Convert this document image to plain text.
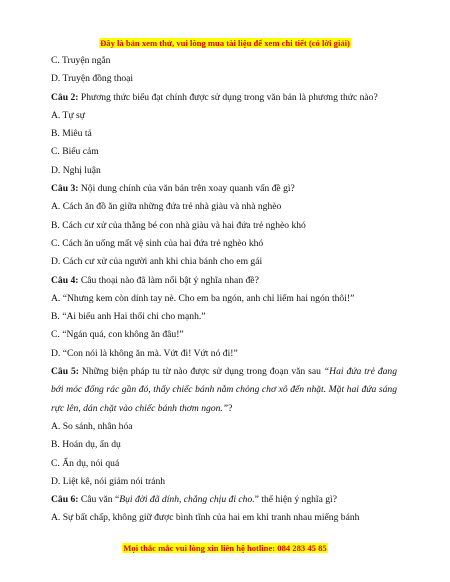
Đây là bản xem thử, vui lòng mua tài liệu để xem chi tiết (có lời giải)
C. Truyện ngắn
D. Truyện đồng thoại
Câu 2: Phương thức biểu đạt chính được sử dụng trong văn bản là phương thức nào?
A. Tự sự
B. Miêu tả
C. Biểu cảm
D. Nghị luận
Câu 3: Nội dung chính của văn bản trên xoay quanh vấn đề gì?
A. Cách ăn đồ ăn giữa những đứa trẻ nhà giàu và nhà nghèo
B. Cách cư xử của thằng bé con nhà giàu và hai đứa trẻ nghèo khó
C. Cách ăn uống mất vệ sinh của hai đứa trẻ nghèo khó
D. Cách cư xử của người anh khi chia bánh cho em gái
Câu 4: Câu thoại nào đã làm nổi bật ý nghĩa nhan đề?
A. “Nhưng kem còn dính tay nè. Cho em ba ngón, anh chỉ liếm hai ngón thôi!”
B. “Ai biểu anh Hai thổi chi cho mạnh.”
C. “Ngán quá, con không ăn đâu!”
D. “Con nói là không ăn mà. Vứt đi! Vứt nó đi!”
Câu 5: Những biện pháp tu từ nào được sử dụng trong đoạn văn sau “Hai đứa trẻ đang bới móc đống rác gần đó, thấy chiếc bánh nằm chỏng chơ xô đến nhặt. Mặt hai đứa sáng rực lên, dán chặt vào chiếc bánh thơm ngon.”?
A. So sánh, nhân hóa
B. Hoán dụ, ẩn dụ
C. Ẩn dụ, nói quá
D. Liệt kê, nói giảm nói tránh
Câu 6: Câu văn “Bụi đời đã dính, chẳng chịu đi cho.” thể hiện ý nghĩa gì?
A. Sự bất chấp, không giữ được bình tĩnh của hai em khi tranh nhau miếng bánh
Mọi thắc mắc vui lòng xin liên hệ hotline: 084 283 45 85
